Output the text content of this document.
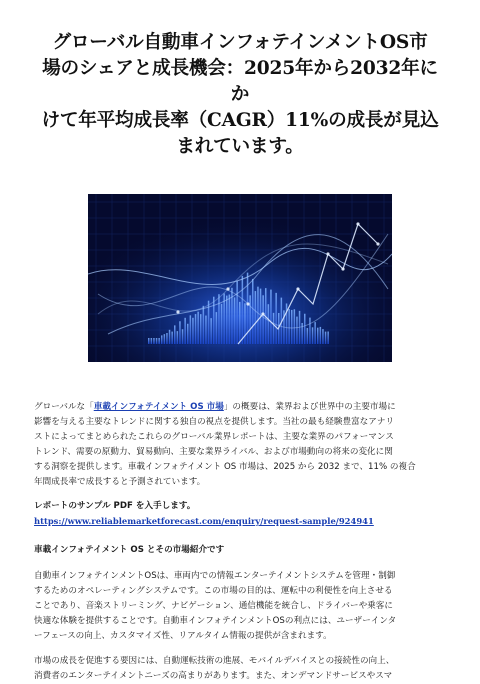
グローバル自動車インフォテインメントOS市
場のシェアと成長機会：2025年から2032年にか
けて年平均成長率（CAGR）11%の成長が見込
まれています。

グローバルな「車載インフォテイメント OS 市場」の概要は、業界および世界中の主要市場に
影響を与える主要なトレンドに関する独自の視点を提供します。当社の最も経験豊富なアナリ
ストによってまとめられたこれらのグローバル業界レポートは、主要な業界のパフォーマンス
トレンド、需要の原動力、貿易動向、主要な業界ライバル、および市場動向の将来の変化に関
する洞察を提供します。車載インフォテイメント OS 市場は、2025 から 2032 まで、11% の複合
年間成長率で成長すると予測されています。

レポートのサンプル PDF を入手します。

https://www.reliablemarketforecast.com/enquiry/request-sample/924941

車載インフォテイメント OS とその市場紹介です

自動車インフォテインメントOSは、車両内での情報エンターテイメントシステムを管理・制御
するためのオペレーティングシステムです。この市場の目的は、運転中の利便性を向上させる
ことであり、音楽ストリーミング、ナビゲーション、通信機能を統合し、ドライバーや乗客に
快適な体験を提供することです。自動車インフォテインメントOSの利点には、ユーザーインタ
ーフェースの向上、カスタマイズ性、リアルタイム情報の提供が含まれます。

市場の成長を促進する要因には、自動運転技術の進展、モバイルデバイスとの接続性の向上、
消費者のエンターテイメントニーズの高まりがあります。また、オンデマンドサービスやスマ
